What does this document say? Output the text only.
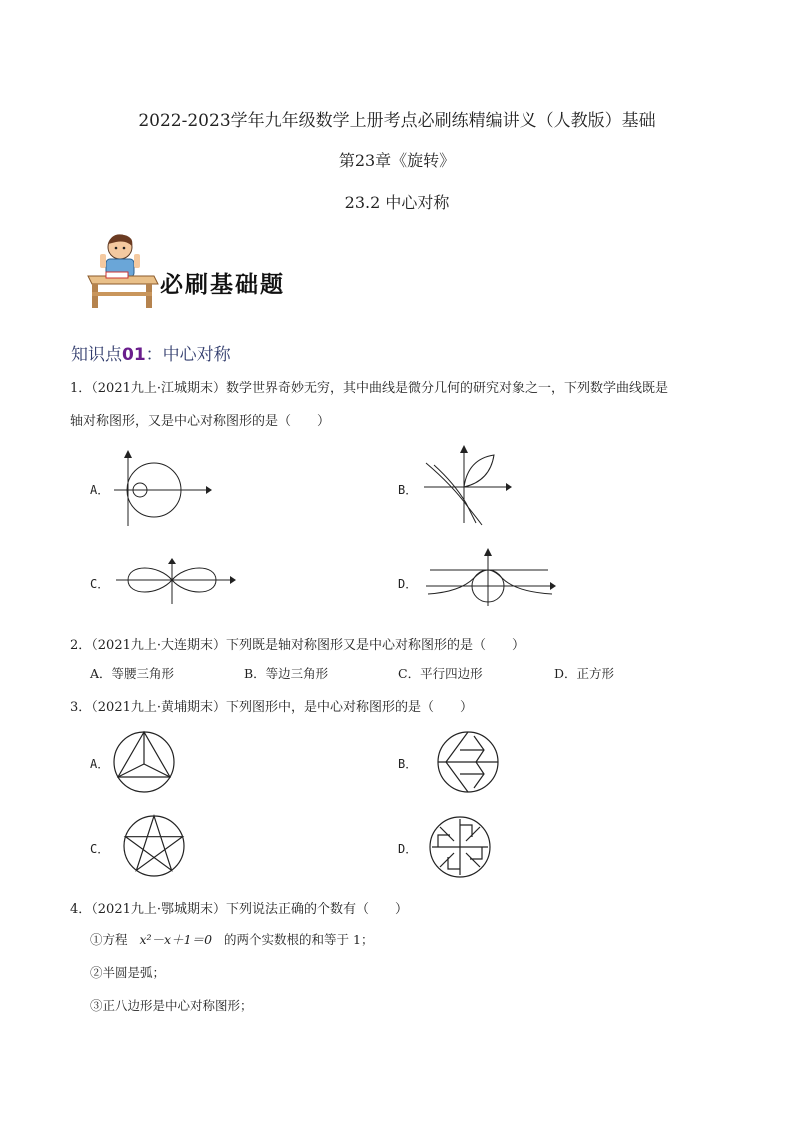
2022-2023学年九年级数学上册考点必刷练精编讲义（人教版）基础
第23章《旋转》
23.2 中心对称
必刷基础题
知识点01：中心对称
1．（2021九上·江城期末）数学世界奇妙无穷，其中曲线是微分几何的研究对象之一，下列数学曲线既是
轴对称图形，又是中心对称图形的是（　　）
A．	B．
C．	D．
2．（2021九上·大连期末）下列既是轴对称图形又是中心对称图形的是（　　）
A．等腰三角形	B．等边三角形	C．平行四边形	D．正方形
3．（2021九上·黄埔期末）下列图形中，是中心对称图形的是（　　）
A．	B．
C．	D．
4．（2021九上·鄂城期末）下列说法正确的个数有（　　）
①方程 x²－x＋1＝0 的两个实数根的和等于 1；
②半圆是弧；
③正八边形是中心对称图形；
